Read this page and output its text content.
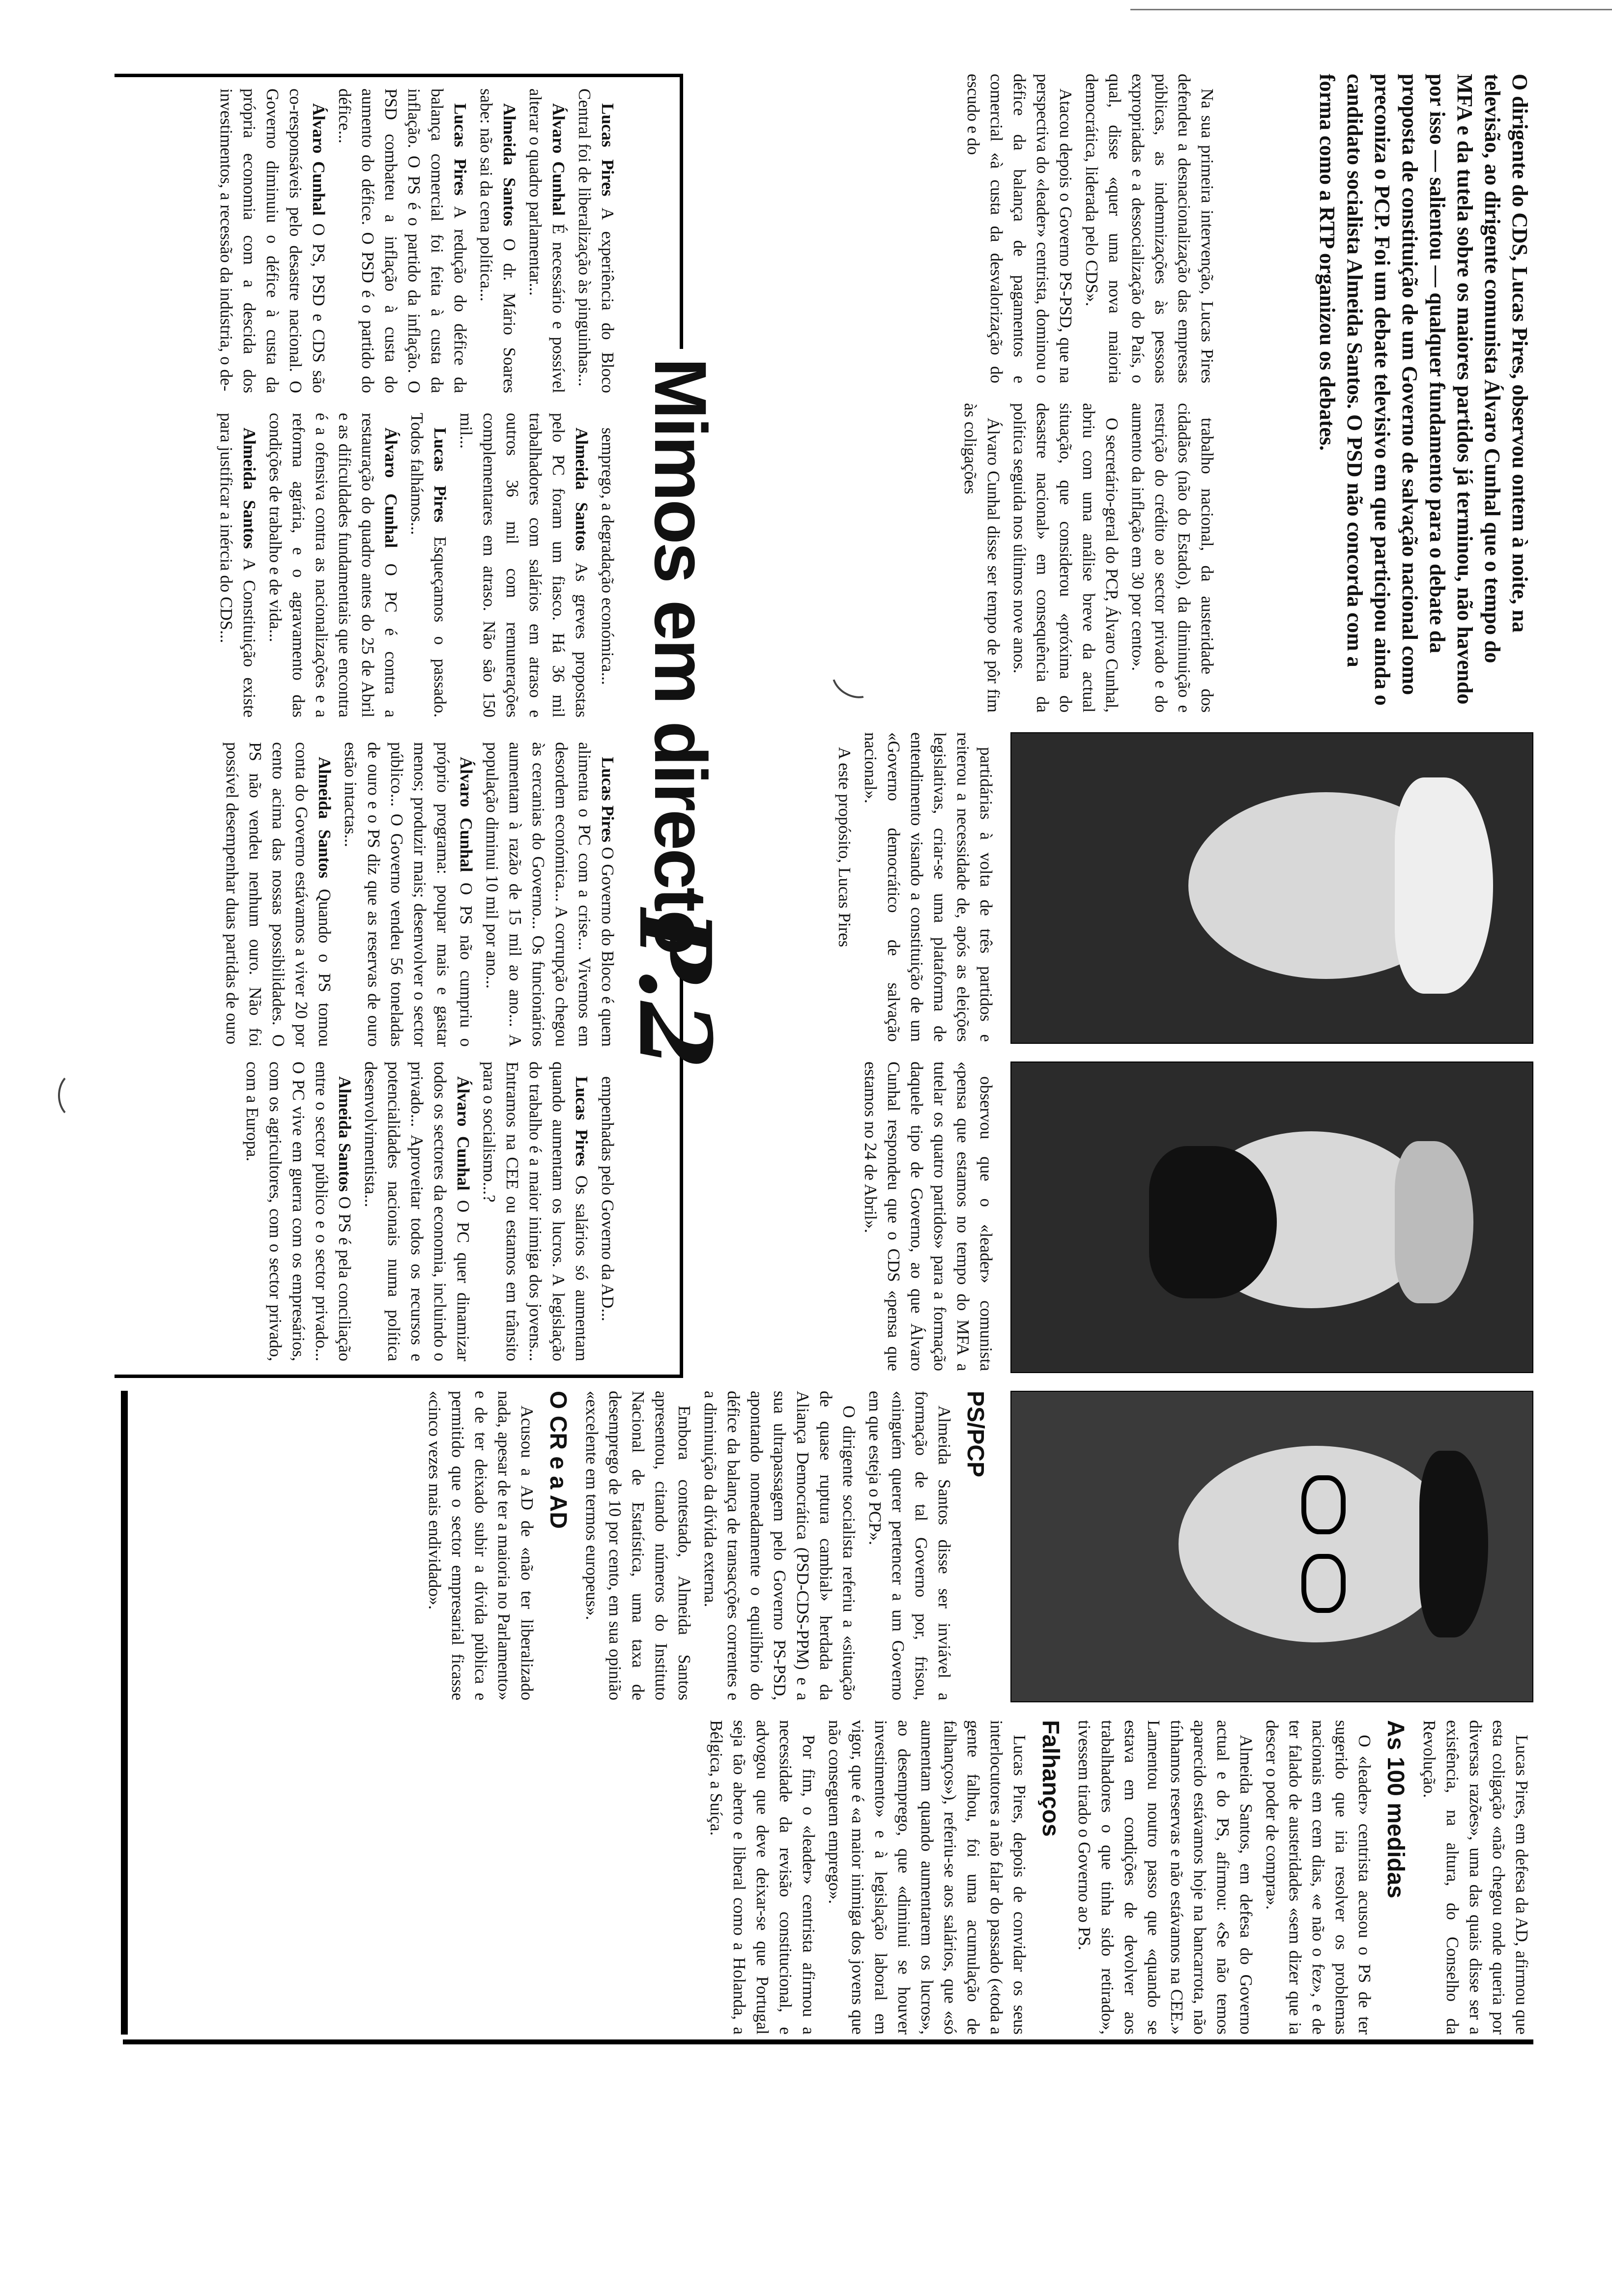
O dirigente do CDS, Lucas Pires, observou ontem à noite, na televisão, ao dirigente comunista Álvaro Cunhal que o tempo do MFA e da tutela sobre os maiores partidos já terminou, não havendo por isso — salientou — qualquer fundamento para o debate da proposta de constituição de um Governo de salvação nacional como preconiza o PCP. Foi um debate televisivo em que participou ainda o candidato socialista Almeida Santos. O PSD não concorda com a forma como a RTP organizou os debates.

Na sua primeira intervenção, Lucas Pires defendeu a desnacionalização das empresas públicas, as indemnizações às pessoas expropriadas e a dessocialização do País, o qual, disse «quer uma nova maioria democrática, liderada pelo CDS».

Atacou depois o Governo PS-PSD, que na perspectiva do «leader» centrista, dominou o défice da balança de pagamentos e comercial «à custa da desvalorização do escudo e do

trabalho nacional, da austeridade dos cidadãos (não do Estado), da diminuição e restrição do crédito ao sector privado e do aumento da inflação em 30 por cento».

O secretário-geral do PCP, Álvaro Cunhal, abriu com uma análise breve da actual situação, que considerou «próxima do desastre nacional» em consequência da política seguida nos últimos nove anos.

Álvaro Cunhal disse ser tempo de pôr fim às coligações

partidárias à volta de três partidos e reiterou a necessidade de, após as eleições legislativas, criar-se uma plataforma de entendimento visando a constituição de um «Governo democrático de salvação nacional».

A este propósito, Lucas Pires

observou que o «leader» comunista «pensa que estamos no tempo do MFA a tutelar os quatro partidos» para a formação daquele tipo de Governo, ao que Álvaro Cunhal respondeu que o CDS «pensa que estamos no 24 de Abril».

PS/PCP

Almeida Santos disse ser inviável a formação de tal Governo por, frisou, «ninguém querer pertencer a um Governo em que esteja o PCP».

O dirigente socialista referiu a «situação de quase ruptura cambial» herdada da Aliança Democrática (PSD-CDS-PPM) e a sua ultrapassagem pelo Governo PS-PSD, apontando nomeadamente o equilíbrio do défice da balança de transacções correntes e a diminuição da dívida externa.

Embora contestado, Almeida Santos apresentou, citando números do Instituto Nacional de Estatística, uma taxa de desemprego de 10 por cento, em sua opinião «excelente em termos europeus».

O CR e a AD

Acusou a AD de «não ter liberalizado nada, apesar de ter a maioria no Parlamento» e de ter deixado subir a dívida pública e permitido que o sector empresarial ficasse «cinco vezes mais endividado».

Lucas Pires, em defesa da AD, afirmou que esta coligação «não chegou onde queria por diversas razões», uma das quais disse ser a existência, na altura, do Conselho da Revolução.

As 100 medidas

O «leader» centrista acusou o PS de ter sugerido que iria resolver os problemas nacionais em cem dias, «e não o fez», e de ter falado de austeridades «sem dizer que ia descer o poder de compra».

Almeida Santos, em defesa do Governo actual e do PS, afirmou: «Se não temos aparecido estávamos hoje na bancarrota, não tínhamos reservas e não estávamos na CEE.» Lamentou noutro passo que «quando se estava em condições de devolver aos trabalhadores o que tinha sido retirado», tivessem tirado o Governo ao PS.

Falhanços

Lucas Pires, depois de convidar os seus interlocutores a não falar do passado («toda a gente falhou, foi uma acumulação de falhanços»), referiu-se aos salários, que «só aumentam quando aumentarem os lucros», ao desemprego, que «diminui se houver investimento» e à legislação laboral em vigor, que é «a maior inimiga dos jovens que não conseguem emprego».

Por fim, o «leader» centrista afirmou a necessidade da revisão constitucional, e advogou que deve deixar-se que Portugal seja tão aberto e liberal como a Holanda, a Bélgica, a Suíça.

Mimos em directo
P.2

Lucas Pires A experiência do Bloco Central foi de liberalização às pinguinhas...

Álvaro Cunhal É necessário e possível alterar o quadro parlamentar...

Almeida Santos O dr. Mário Soares sabe: não sai da cena política...

Lucas Pires A redução do défice da balança comercial foi feita à custa da inflação. O PS é o partido da inflação. O PSD combateu a inflação à custa do aumento do défice. O PSD é o partido do défice...

Álvaro Cunhal O PS, PSD e CDS são co-responsáveis pelo desastre nacional. O Governo diminuiu o défice à custa da própria economia com a descida dos investimentos, a recessão da indústria, o de-

semprego, a degradação económica...

Almeida Santos As greves propostas pelo PC foram um fiasco. Há 36 mil trabalhadores com salários em atraso e outros 36 mil com remunerações complementares em atraso. Não são 150 mil...

Lucas Pires Esqueçamos o passado. Todos falhámos...

Álvaro Cunhal O PC é contra a restauração do quadro antes do 25 de Abril e as dificuldades fundamentais que encontra é a ofensiva contra as nacionalizações e a reforma agrária, e o agravamento das condições de trabalho e de vida...

Almeida Santos A Constituição existe para justificar a inércia do CDS...

Lucas Pires O Governo do Bloco é quem alimenta o PC com a crise... Vivemos em desordem económica... A corrupção chegou às cercanias do Governo... Os funcionários aumentam à razão de 15 mil ao ano... A população diminui 10 mil por ano...

Álvaro Cunhal O PS não cumpriu o próprio programa: poupar mais e gastar menos; produzir mais; desenvolver o sector público... O Governo vendeu 56 toneladas de ouro e o PS diz que as reservas de ouro estão intactas...

Almeida Santos Quando o PS tomou conta do Governo estávamos a viver 20 por cento acima das nossas possibilidades. O PS não vendeu nenhum ouro. Não foi possível desempenhar duas partidas de ouro

empenhadas pelo Governo da AD...

Lucas Pires Os salários só aumentam quando aumentam os lucros. A legislação do trabalho é a maior inimiga dos jovens... Entramos na CEE ou estamos em trânsito para o socialismo...?

Álvaro Cunhal O PC quer dinamizar todos os sectores da economia, incluindo o privado... Aproveitar todos os recursos e potencialidades nacionais numa política desenvolvimentista...

Almeida Santos O PS é pela conciliação entre o sector público e o sector privado... O PC vive em guerra com os empresários, com os agricultores, com o sector privado, com a Europa.
